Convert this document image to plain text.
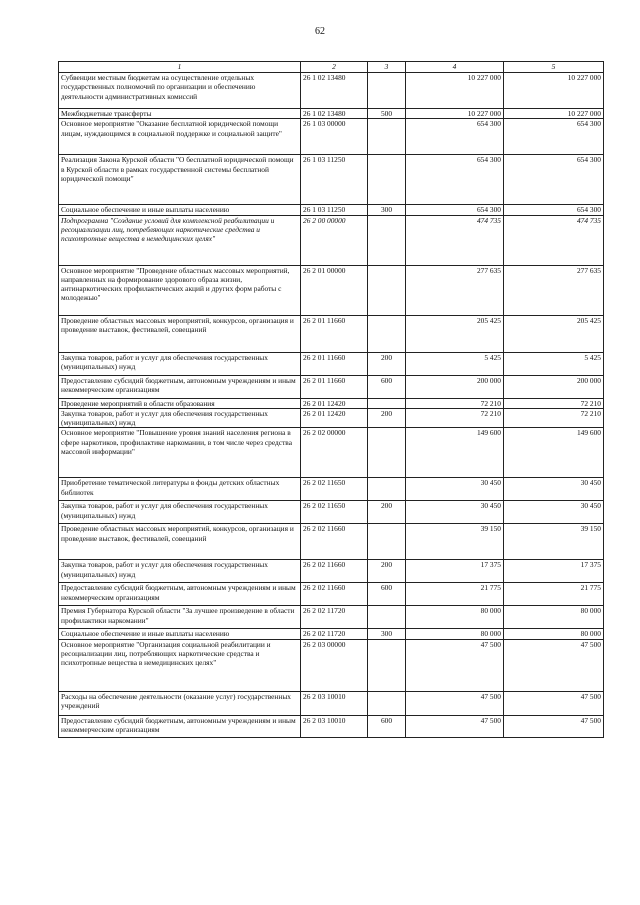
62
1	2	3	4	5
Субвенции местным бюджетам на осуществление отдельных государственных полномочий по организации и обеспечению деятельности административных комиссий	26 1 02 13480		10 227 000	10 227 000
Межбюджетные трансферты	26 1 02 13480	500	10 227 000	10 227 000
Основное мероприятие "Оказание бесплатной юридической помощи лицам, нуждающимся в социальной поддержке и социальной защите"	26 1 03 00000		654 300	654 300
Реализация Закона Курской области "О бесплатной юридической помощи в Курской области в рамках государственной системы бесплатной юридической помощи"	26 1 03 11250		654 300	654 300
Социальное обеспечение и иные выплаты населению	26 1 03 11250	300	654 300	654 300
Подпрограмма "Создание условий для комплексной реабилитации и ресоциализации лиц, потребляющих наркотические средства и психотропные вещества в немедицинских целях"	26 2 00 00000		474 735	474 735
Основное мероприятие "Проведение областных массовых мероприятий, направленных на формирование здорового образа жизни, антинаркотических профилактических акций и других форм работы с молодежью"	26 2 01 00000		277 635	277 635
Проведение областных массовых мероприятий, конкурсов, организация и проведение выставок, фестивалей, совещаний	26 2 01 11660		205 425	205 425
Закупка товаров, работ и услуг для обеспечения государственных (муниципальных) нужд	26 2 01 11660	200	5 425	5 425
Предоставление субсидий бюджетным, автономным учреждениям и иным некоммерческим организациям	26 2 01 11660	600	200 000	200 000
Проведение мероприятий в области образования	26 2 01 12420		72 210	72 210
Закупка товаров, работ и услуг для обеспечения государственных (муниципальных) нужд	26 2 01 12420	200	72 210	72 210
Основное мероприятие "Повышение уровня знаний населения региона в сфере наркотиков, профилактике наркомании, в том числе через средства массовой информации"	26 2 02 00000		149 600	149 600
Приобретение тематической литературы в фонды детских областных библиотек	26 2 02 11650		30 450	30 450
Закупка товаров, работ и услуг для обеспечения государственных (муниципальных) нужд	26 2 02 11650	200	30 450	30 450
Проведение областных массовых мероприятий, конкурсов, организация и проведение выставок, фестивалей, совещаний	26 2 02 11660		39 150	39 150
Закупка товаров, работ и услуг для обеспечения государственных (муниципальных) нужд	26 2 02 11660	200	17 375	17 375
Предоставление субсидий бюджетным, автономным учреждениям и иным некоммерческим организациям	26 2 02 11660	600	21 775	21 775
Премия Губернатора Курской области "За лучшее произведение в области профилактики наркомании"	26 2 02 11720		80 000	80 000
Социальное обеспечение и иные выплаты населению	26 2 02 11720	300	80 000	80 000
Основное мероприятие "Организация социальной реабилитации и ресоциализации лиц, потребляющих наркотические средства и психотропные вещества в немедицинских целях"	26 2 03 00000		47 500	47 500
Расходы на обеспечение деятельности (оказание услуг) государственных учреждений	26 2 03 10010		47 500	47 500
Предоставление субсидий бюджетным, автономным учреждениям и иным некоммерческим организациям	26 2 03 10010	600	47 500	47 500
